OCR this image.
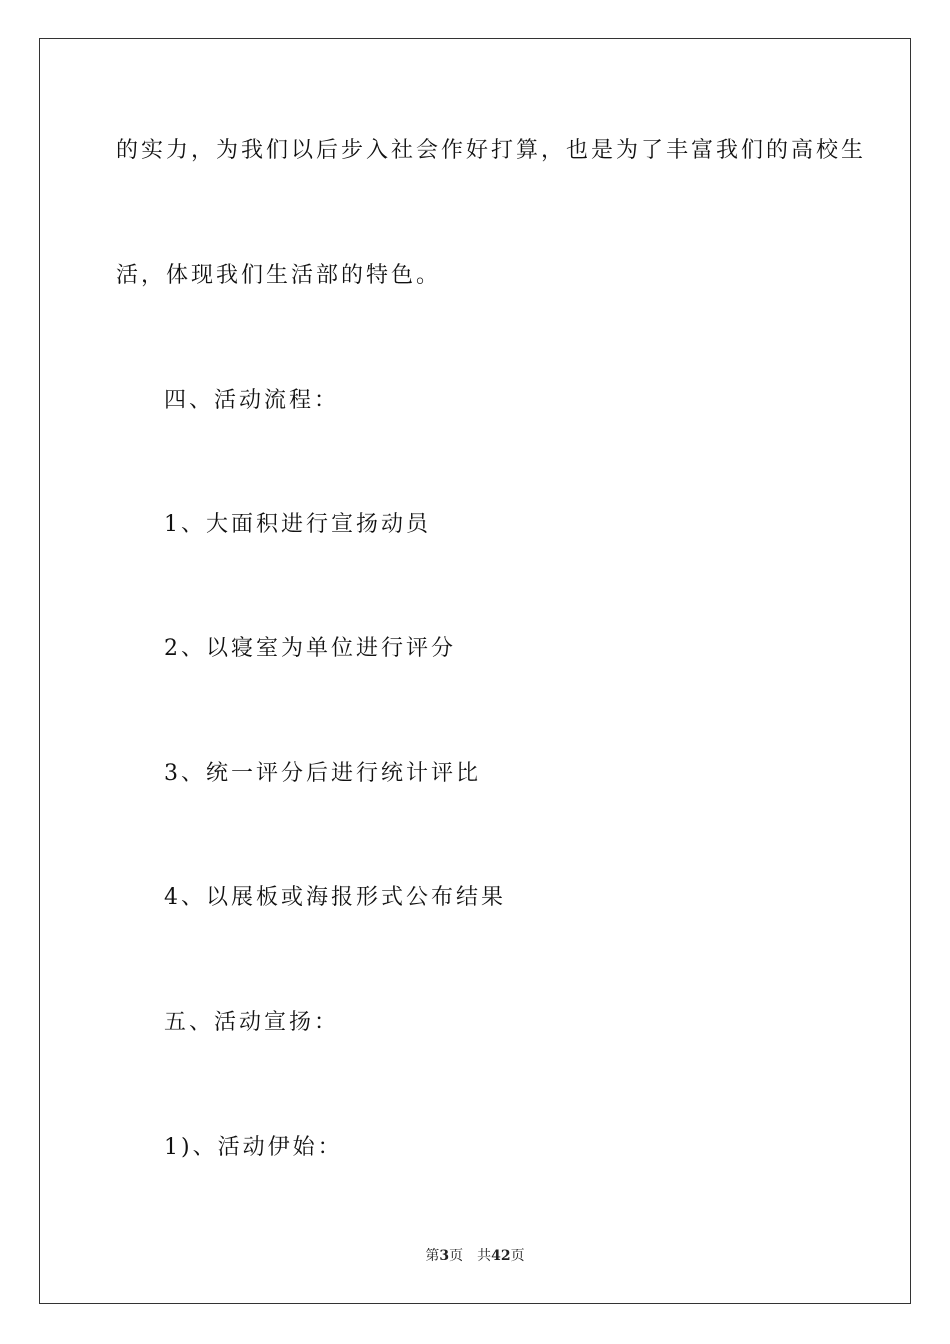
的实力，为我们以后步入社会作好打算，也是为了丰富我们的高校生

活，体现我们生活部的特色。

四、活动流程：

1、大面积进行宣扬动员

2、以寝室为单位进行评分

3、统一评分后进行统计评比

4、以展板或海报形式公布结果

五、活动宣扬：

1)、活动伊始：

第3页 共42页
